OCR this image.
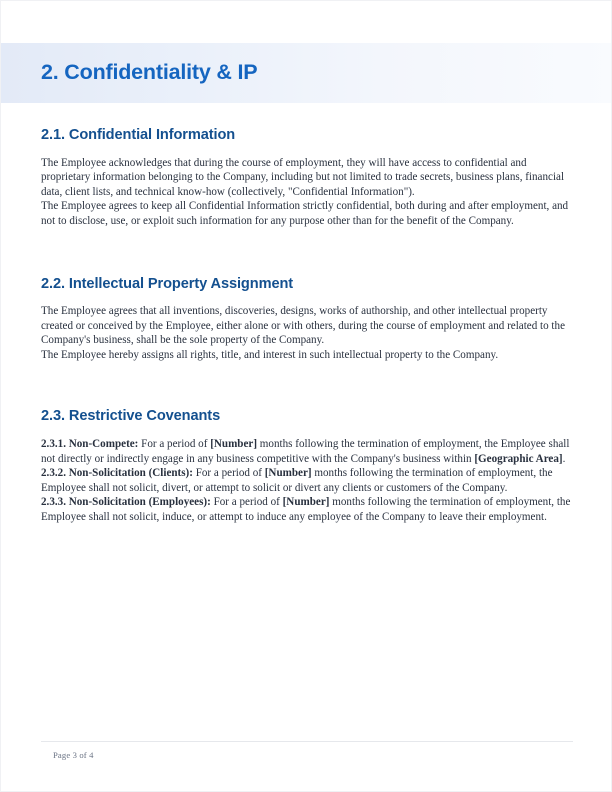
2. Confidentiality & IP
2.1. Confidential Information

The Employee acknowledges that during the course of employment, they will have access to confidential and proprietary information belonging to the Company, including but not limited to trade secrets, business plans, financial data, client lists, and technical know-how (collectively, "Confidential Information").

The Employee agrees to keep all Confidential Information strictly confidential, both during and after employment, and not to disclose, use, or exploit such information for any purpose other than for the benefit of the Company.

2.2. Intellectual Property Assignment

The Employee agrees that all inventions, discoveries, designs, works of authorship, and other intellectual property created or conceived by the Employee, either alone or with others, during the course of employment and related to the Company's business, shall be the sole property of the Company.

The Employee hereby assigns all rights, title, and interest in such intellectual property to the Company.

2.3. Restrictive Covenants

2.3.1. Non-Compete: For a period of [Number] months following the termination of employment, the Employee shall not directly or indirectly engage in any business competitive with the Company's business within [Geographic Area].

2.3.2. Non-Solicitation (Clients): For a period of [Number] months following the termination of employment, the Employee shall not solicit, divert, or attempt to solicit or divert any clients or customers of the Company.

2.3.3. Non-Solicitation (Employees): For a period of [Number] months following the termination of employment, the Employee shall not solicit, induce, or attempt to induce any employee of the Company to leave their employment.

Page 3 of 4
